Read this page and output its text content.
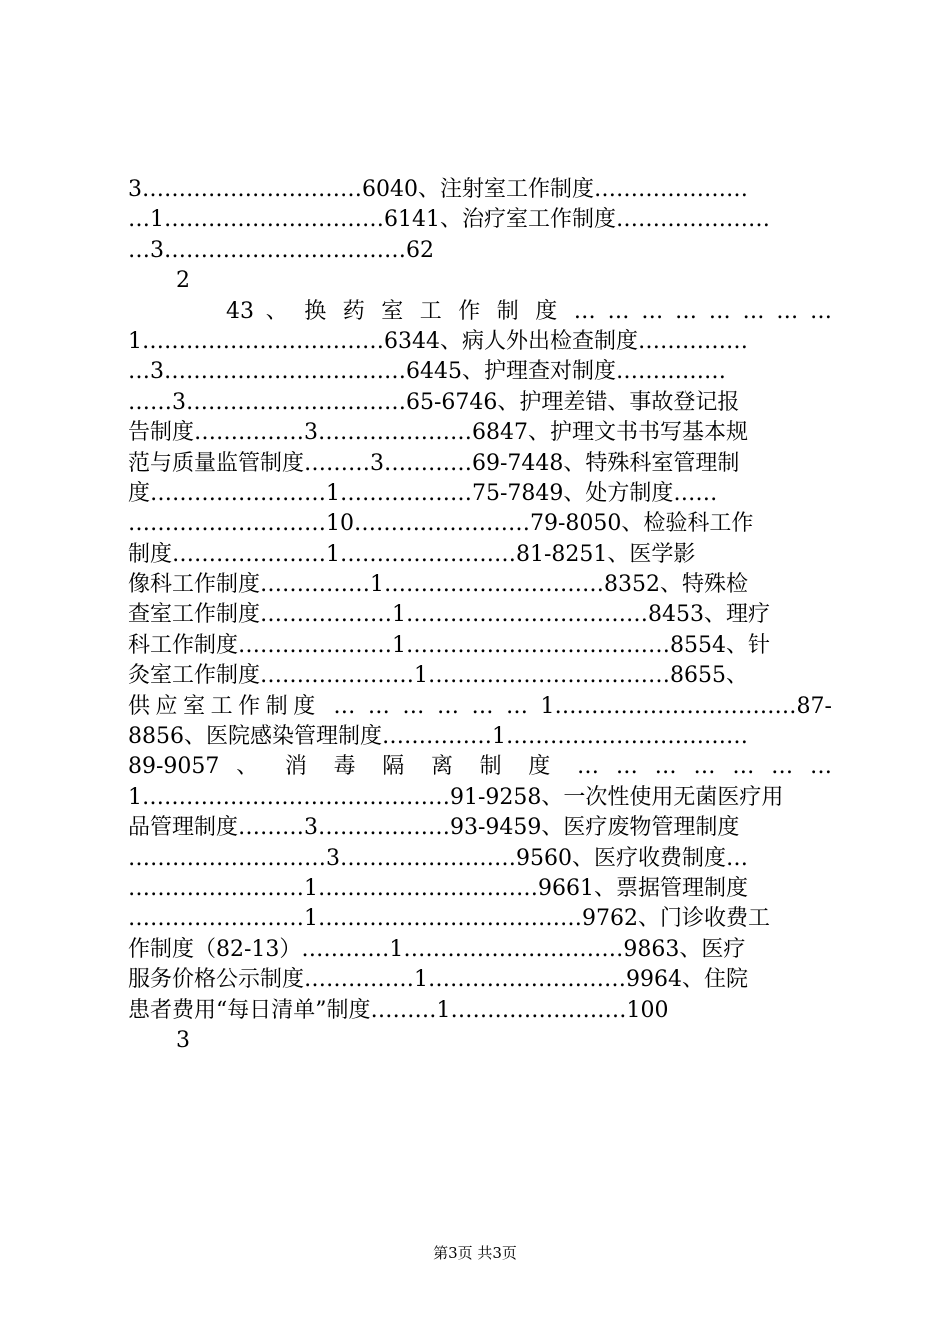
3…………………………6040、注射室工作制度…………………
…1…………………………6141、治疗室工作制度…………………
…3……………………………62
2
43 、 换 药 室 工 作 制 度 … … … … … … … …
1……………………………6344、病人外出检查制度……………
…3……………………………6445、护理查对制度……………
……3…………………………65-6746、护理差错、事故登记报
告制度……………3…………………6847、护理文书书写基本规
范与质量监管制度………3…………69-7448、特殊科室管理制
度……………………1………………75-7849、处方制度……
………………………10……………………79-8050、检验科工作
制度…………………1……………………81-8251、医学影
像科工作制度……………1…………………………8352、特殊检
查室工作制度………………1……………………………8453、理疗
科工作制度…………………1………………………………8554、针
灸室工作制度…………………1……………………………8655、
供应室工作制度 … … … … … … 1……………………………87-
8856、医院感染管理制度……………1……………………………
89-9057 、 消 毒 隔 离 制 度 … … … … … … …
1……………………………………91-9258、一次性使用无菌医疗用
品管理制度………3………………93-9459、医疗废物管理制度
………………………3……………………9560、医疗收费制度…
……………………1…………………………9661、票据管理制度
……………………1………………………………9762、门诊收费工
作制度（82-13）…………1…………………………9863、医疗
服务价格公示制度……………1………………………9964、住院
患者费用“每日清单”制度………1……………………100
3
第3页 共3页
